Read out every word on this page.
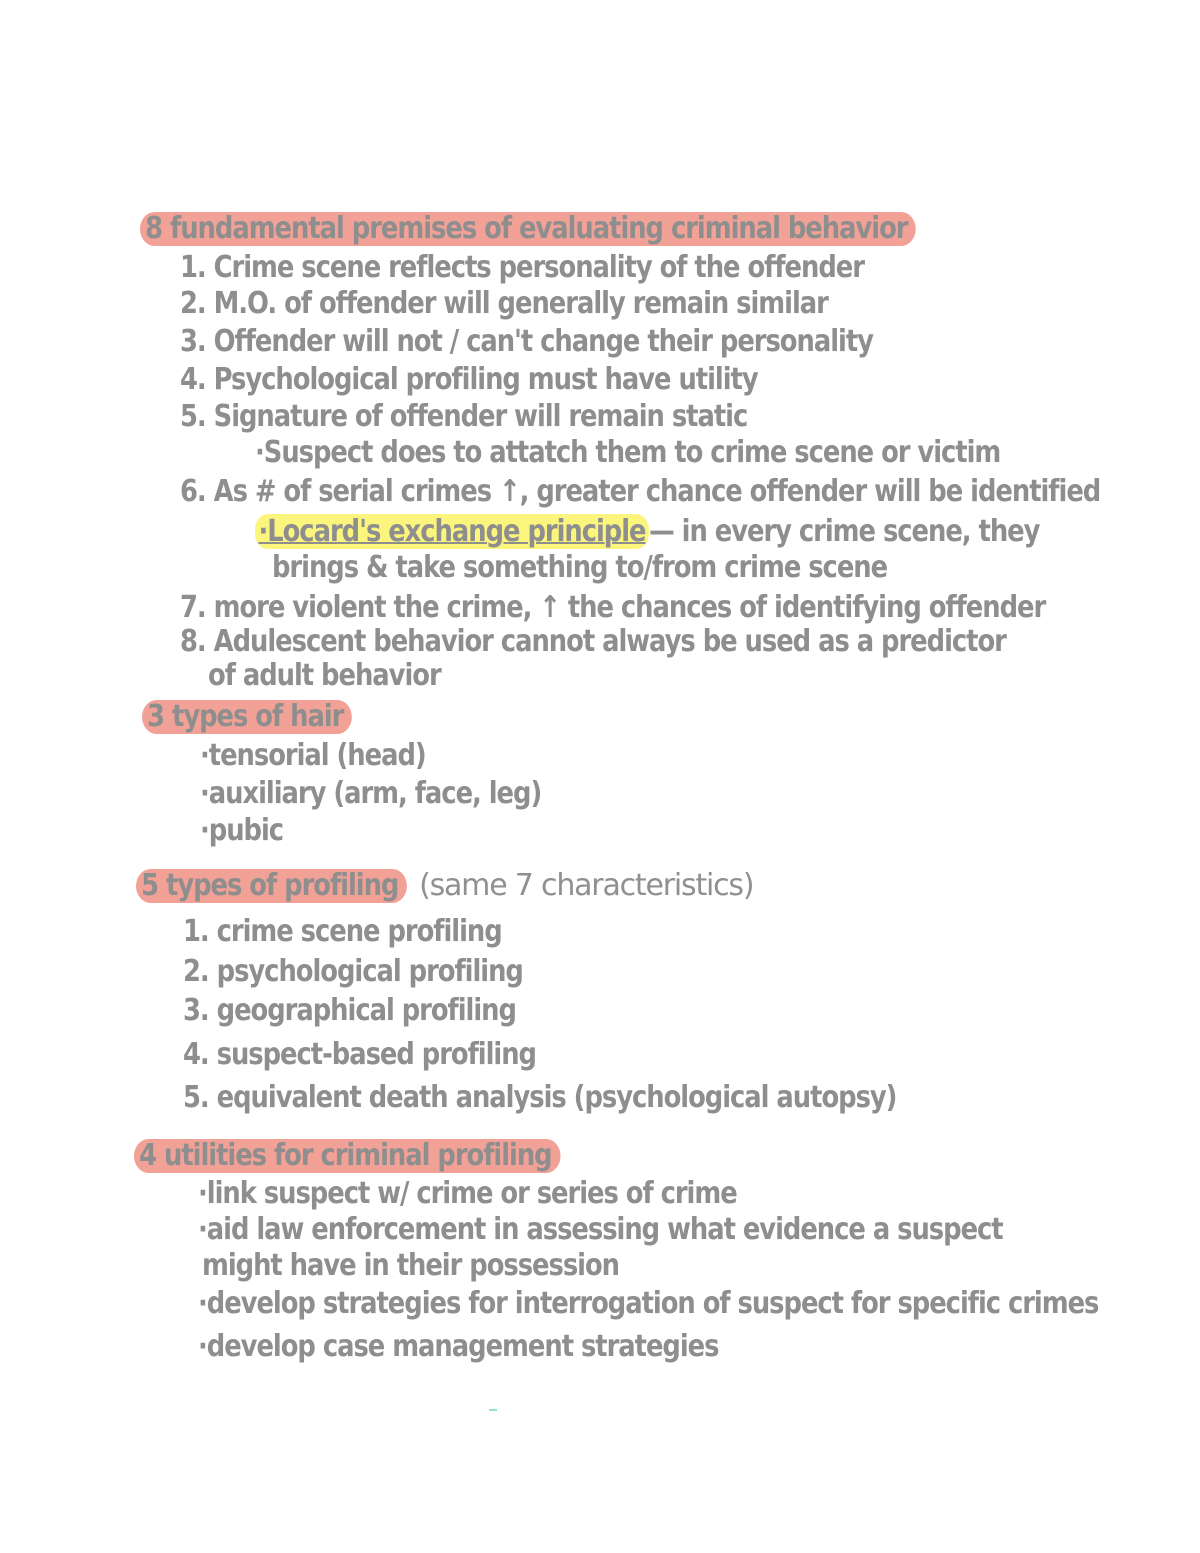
8 fundamental premises of evaluating criminal behavior
1. Crime scene reflects personality of the offender
2. M.O. of offender will generally remain similar
3. Offender will not / can't change their personality
4. Psychological profiling must have utility
5. Signature of offender will remain static
·Suspect does to attatch them to crime scene or victim
6. As # of serial crimes ↑, greater chance offender will be identified
·Locard's exchange principle — in every crime scene, they
brings & take something to/from crime scene
7. more violent the crime, ↑ the chances of identifying offender
8. Adulescent behavior cannot always be used as a predictor
of adult behavior
3 types of hair
·tensorial (head)
·auxiliary (arm, face, leg)
·pubic
5 types of profiling (same 7 characteristics)
1. crime scene profiling
2. psychological profiling
3. geographical profiling
4. suspect-based profiling
5. equivalent death analysis (psychological autopsy)
4 utilities for criminal profiling
·link suspect w/ crime or series of crime
·aid law enforcement in assessing what evidence a suspect
might have in their possession
·develop strategies for interrogation of suspect for specific crimes
·develop case management strategies
